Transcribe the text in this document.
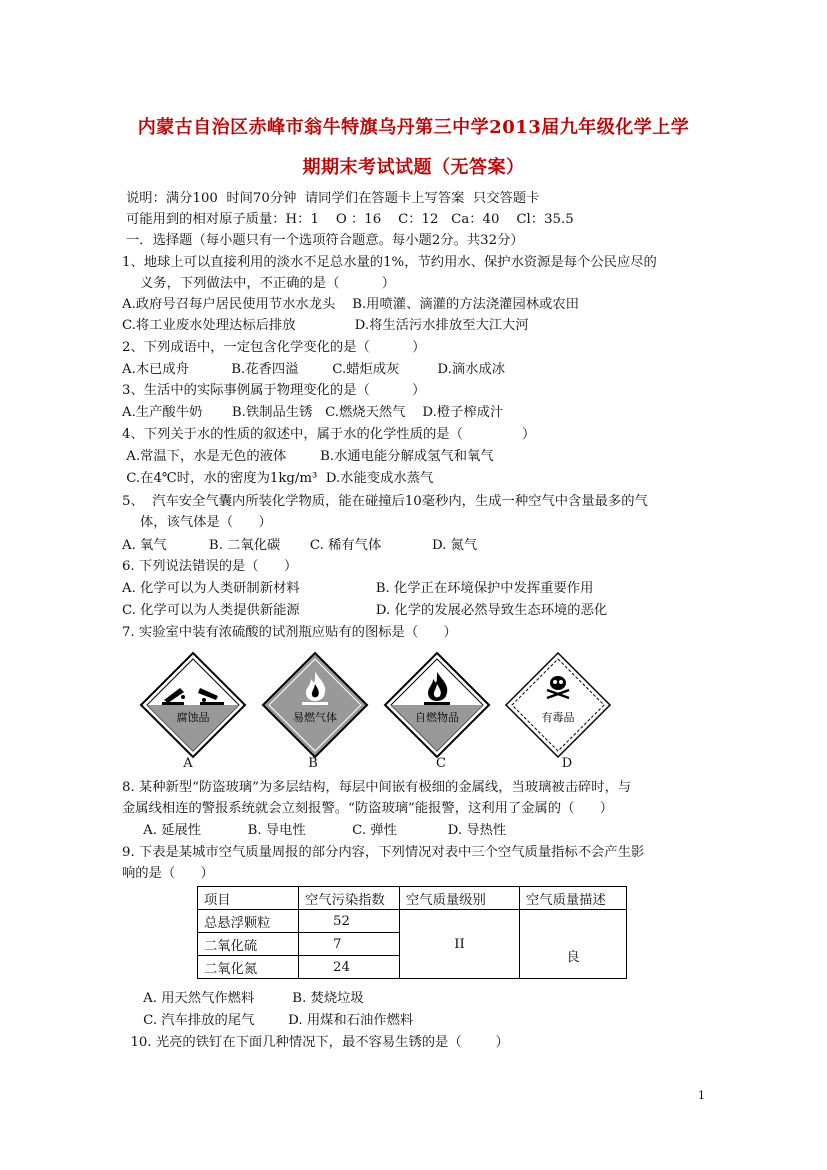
内蒙古自治区赤峰市翁牛特旗乌丹第三中学2013届九年级化学上学
期期末考试试题（无答案）
说明：满分100  时间70分钟  请同学们在答题卡上写答案  只交答题卡
可能用到的相对原子质量：H：1    O ：16    C：12   Ca：40    Cl：35.5
一．选择题（每小题只有一个选项符合题意。每小题2分。共32分）
1、地球上可以直接利用的淡水不足总水量的1%，节约用水、保护水资源是每个公民应尽的
义务，下列做法中，不正确的是（          ）
A.政府号召每户居民使用节水水龙头    B.用喷灌、滴灌的方法浇灌园林或农田
C.将工业废水处理达标后排放              D.将生活污水排放至大江大河
2、下列成语中，一定包含化学变化的是（          ）
A.木已成舟          B.花香四溢        C.蜡炬成灰         D.滴水成冰
3、生活中的实际事例属于物理变化的是（          ）
A.生产酸牛奶       B.铁制品生锈   C.燃烧天然气    D.橙子榨成汁
4、下列关于水的性质的叙述中，属于水的化学性质的是（              ）
A.常温下，水是无色的液体        B.水通电能分解成氢气和氧气
C.在4℃时，水的密度为1kg/m³  D.水能变成水蒸气
5、  汽车安全气囊内所装化学物质，能在碰撞后10毫秒内，生成一种空气中含量最多的气
体，该气体是（      ）
A. 氧气          B. 二氧化碳       C. 稀有气体            D. 氮气
6. 下列说法错误的是（      ）
A. 化学可以为人类研制新材料                  B. 化学正在环境保护中发挥重要作用
C. 化学可以为人类提供新能源                  D. 化学的发展必然导致生态环境的恶化
7. 实验室中装有浓硫酸的试剂瓶应贴有的图标是（      ）
腐蚀品	易燃气体	自燃物品	有毒品
A	B	C	D
8. 某种新型“防盗玻璃”为多层结构，每层中间嵌有极细的金属线，当玻璃被击碎时，与
金属线相连的警报系统就会立刻报警。“防盗玻璃”能报警，这利用了金属的（      ）
A. 延展性           B. 导电性           C. 弹性            D. 导热性
9. 下表是某城市空气质量周报的部分内容，下列情况对表中三个空气质量指标不会产生影
响的是（      ）
项目	空气污染指数	空气质量级别	空气质量描述
总悬浮颗粒	52	II	
二氧化硫	7		良
二氧化氮	24		
A. 用天然气作燃料         B. 焚烧垃圾
C. 汽车排放的尾气        D. 用煤和石油作燃料
10. 光亮的铁钉在下面几种情况下，最不容易生锈的是（        ）
1
